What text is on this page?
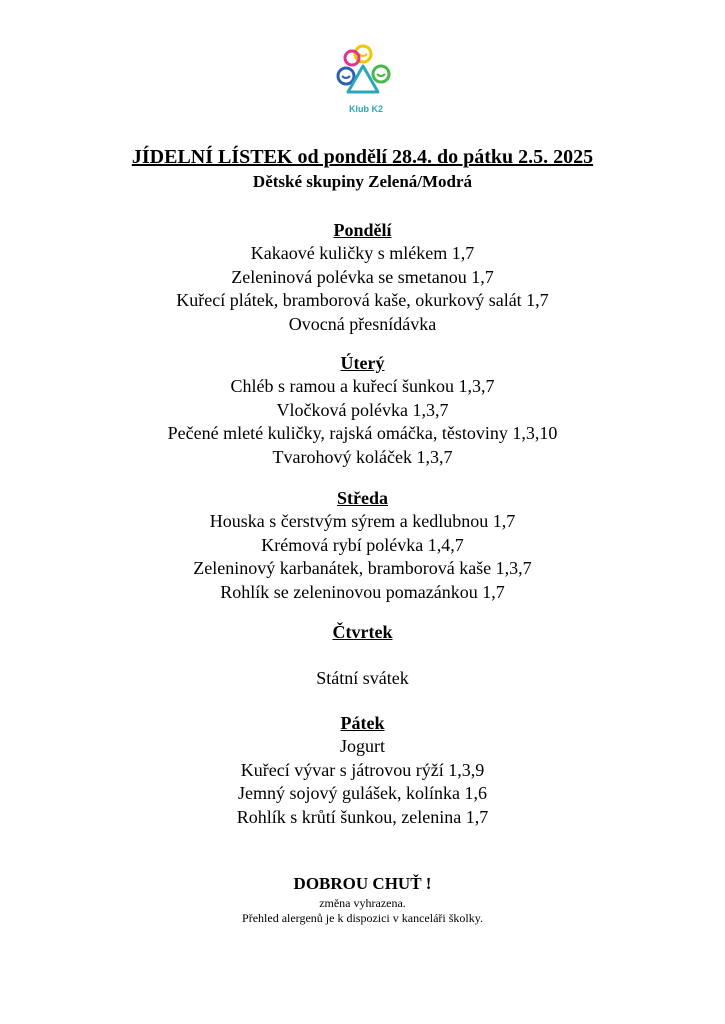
Klub K2
JÍDELNÍ LÍSTEK od pondělí 28.4. do pátku 2.5. 2025
Dětské skupiny Zelená/Modrá
Pondělí
Kakaové kuličky s mlékem 1,7
Zeleninová polévka se smetanou 1,7
Kuřecí plátek, bramborová kaše, okurkový salát 1,7
Ovocná přesnídávka
Úterý
Chléb s ramou a kuřecí šunkou 1,3,7
Vločková polévka 1,3,7
Pečené mleté kuličky, rajská omáčka, těstoviny 1,3,10
Tvarohový koláček 1,3,7
Středa
Houska s čerstvým sýrem a kedlubnou 1,7
Krémová rybí polévka 1,4,7
Zeleninový karbanátek, bramborová kaše 1,3,7
Rohlík se zeleninovou pomazánkou 1,7
Čtvrtek
Státní svátek
Pátek
Jogurt
Kuřecí vývar s játrovou rýží 1,3,9
Jemný sojový gulášek, kolínka 1,6
Rohlík s krůtí šunkou, zelenina 1,7
DOBROU CHUŤ !
změna vyhrazena.
Přehled alergenů je k dispozici v kanceláři školky.
